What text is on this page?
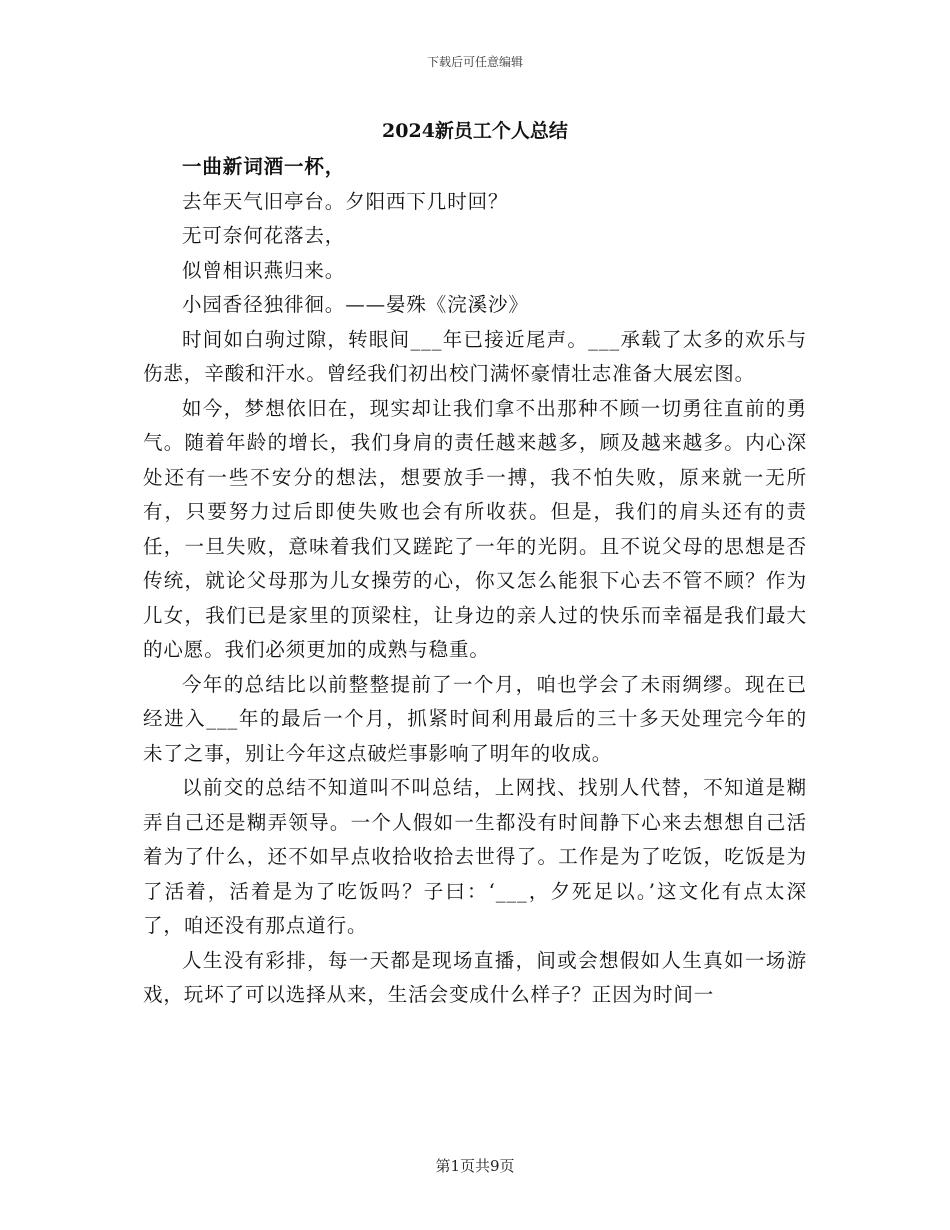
下载后可任意编辑
2024新员工个人总结

一曲新词酒一杯，

去年天气旧亭台。夕阳西下几时回？

无可奈何花落去，

似曾相识燕归来。

小园香径独徘徊。——晏殊《浣溪沙》

时间如白驹过隙，转眼间___年已接近尾声。___承载了太多的欢乐与伤悲，辛酸和汗水。曾经我们初出校门满怀豪情壮志准备大展宏图。

如今，梦想依旧在，现实却让我们拿不出那种不顾一切勇往直前的勇气。随着年龄的增长，我们身肩的责任越来越多，顾及越来越多。内心深处还有一些不安分的想法，想要放手一搏，我不怕失败，原来就一无所有，只要努力过后即使失败也会有所收获。但是，我们的肩头还有的责任，一旦失败，意味着我们又蹉跎了一年的光阴。且不说父母的思想是否传统，就论父母那为儿女操劳的心，你又怎么能狠下心去不管不顾？作为儿女，我们已是家里的顶梁柱，让身边的亲人过的快乐而幸福是我们最大的心愿。我们必须更加的成熟与稳重。

今年的总结比以前整整提前了一个月，咱也学会了未雨绸缪。现在已经进入___年的最后一个月，抓紧时间利用最后的三十多天处理完今年的未了之事，别让今年这点破烂事影响了明年的收成。

以前交的总结不知道叫不叫总结，上网找、找别人代替，不知道是糊弄自己还是糊弄领导。一个人假如一生都没有时间静下心来去想想自己活着为了什么，还不如早点收拾收拾去世得了。工作是为了吃饭，吃饭是为了活着，活着是为了吃饭吗？子曰：‘___，夕死足以。’这文化有点太深了，咱还没有那点道行。

人生没有彩排，每一天都是现场直播，间或会想假如人生真如一场游戏，玩坏了可以选择从来，生活会变成什么样子？正因为时间一

第1页共9页
